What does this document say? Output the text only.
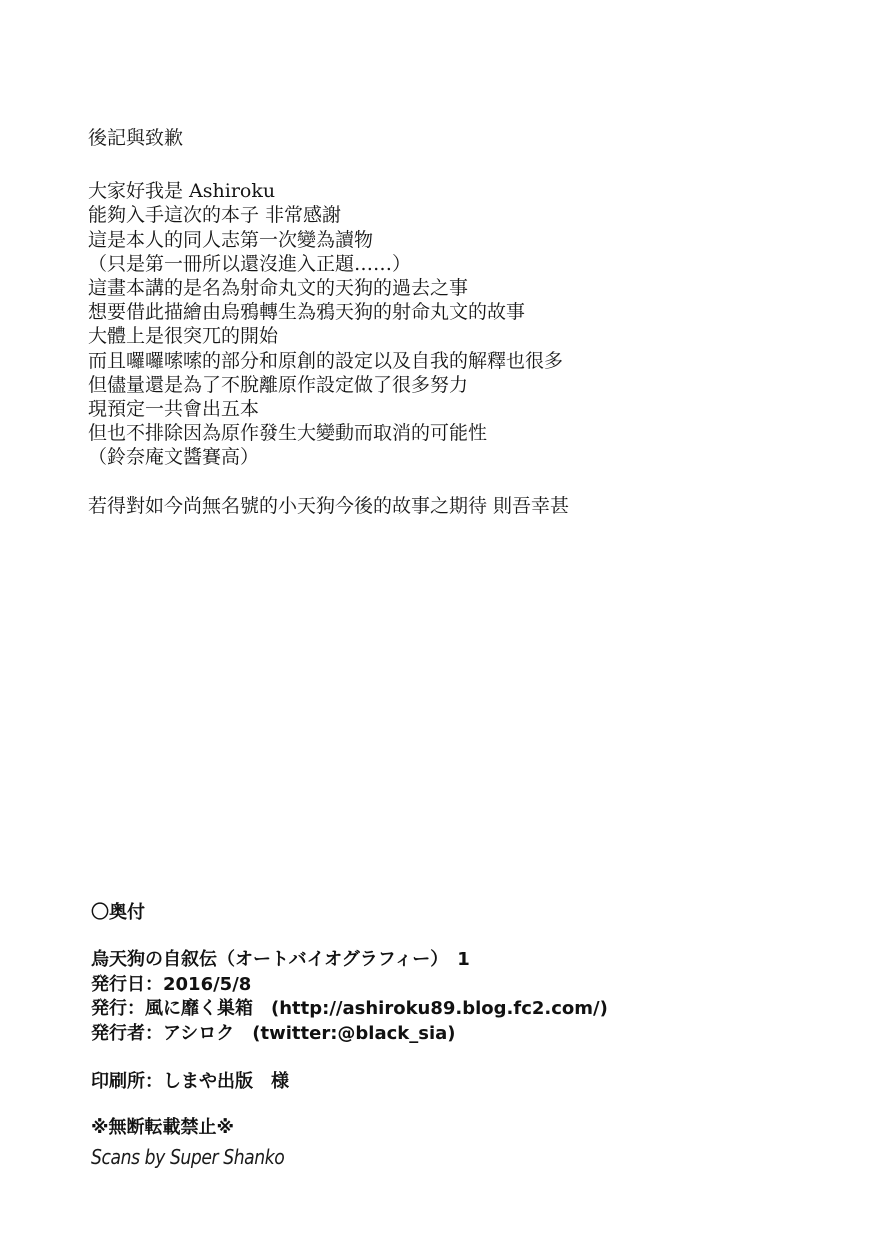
後記與致歉
大家好我是 Ashiroku
能夠入手這次的本子 非常感謝
這是本人的同人志第一次變為讀物
（只是第一冊所以還沒進入正題……）
這畫本講的是名為射命丸文的天狗的過去之事
想要借此描繪由烏鴉轉生為鴉天狗的射命丸文的故事
大體上是很突兀的開始
而且囉囉嗦嗦的部分和原創的設定以及自我的解釋也很多
但儘量還是為了不脫離原作設定做了很多努力
現預定一共會出五本
但也不排除因為原作發生大變動而取消的可能性
（鈴奈庵文醬賽高）
若得對如今尚無名號的小天狗今後的故事之期待 則吾幸甚
〇奥付
烏天狗の自叙伝（オートバイオグラフィー）　1
発行日：2016/5/8
発行：風に靡く巣箱　(http://ashiroku89.blog.fc2.com/)
発行者：アシロク　(twitter:@black_sia)
印刷所：しまや出版　様
※無断転載禁止※
Scans by Super Shanko
